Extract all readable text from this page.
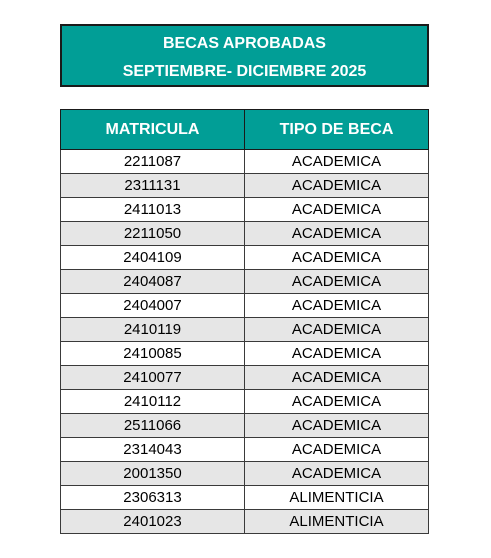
BECAS APROBADAS
SEPTIEMBRE- DICIEMBRE 2025
MATRICULA	TIPO DE BECA
2211087	ACADEMICA
2311131	ACADEMICA
2411013	ACADEMICA
2211050	ACADEMICA
2404109	ACADEMICA
2404087	ACADEMICA
2404007	ACADEMICA
2410119	ACADEMICA
2410085	ACADEMICA
2410077	ACADEMICA
2410112	ACADEMICA
2511066	ACADEMICA
2314043	ACADEMICA
2001350	ACADEMICA
2306313	ALIMENTICIA
2401023	ALIMENTICIA
